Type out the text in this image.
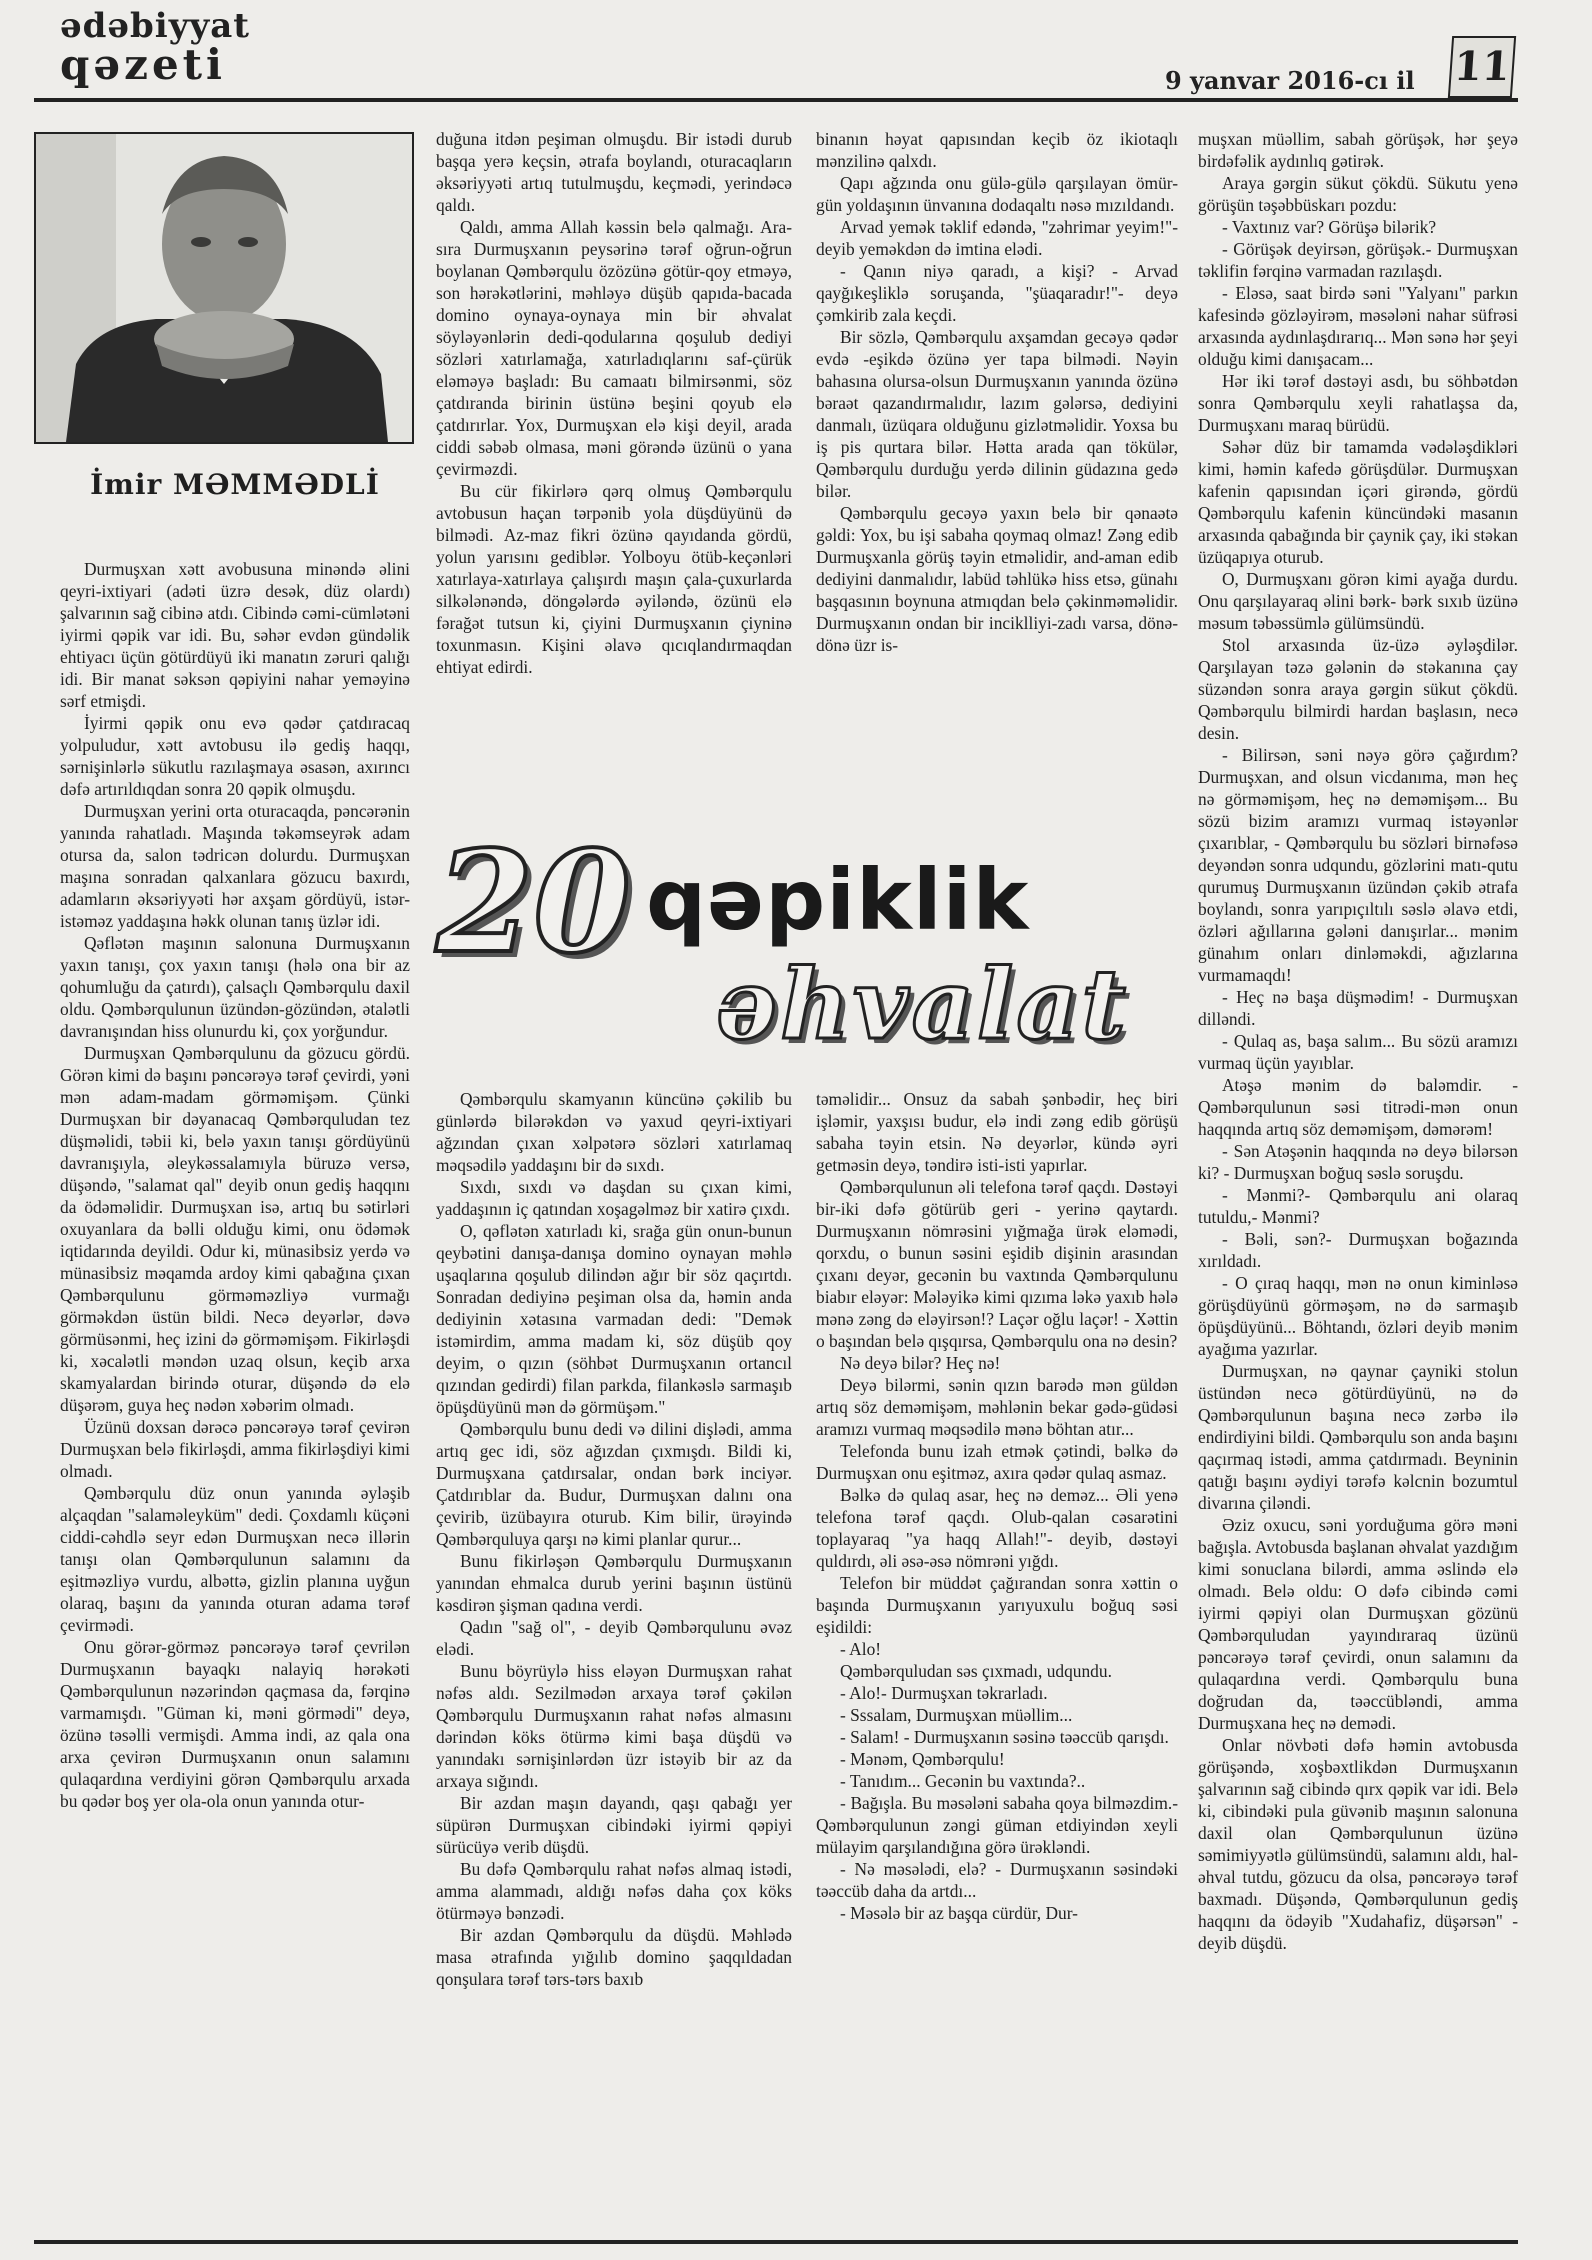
ədəbiyyat
qəzeti	9 yanvar 2016-cı il 11
İmir MƏMMƏDLİ

Durmuşxan xətt avobusuna minəndə əlini qeyri-ixtiyari (adəti üzrə desək, düz olardı) şalvarının sağ cibinə atdı. Cibində cəmi-cümlətəni iyirmi qəpik var idi. Bu, səhər evdən gündəlik ehtiyacı üçün götürdüyü iki manatın zəruri qalığı idi. Bir manat səksən qəpiyini nahar yeməyinə sərf etmişdi.

İyirmi qəpik onu evə qədər çatdıracaq yolpuludur, xətt avtobusu ilə gediş haqqı, sərnişinlərlə sükutlu razılaşmaya əsasən, axırıncı dəfə artırıldıqdan sonra 20 qəpik olmuşdu.

Durmuşxan yerini orta oturacaqda, pəncərənin yanında rahatladı. Maşında təkəmseyrək adam otursa da, salon tədricən dolurdu. Durmuşxan maşına sonradan qalxanlara gözucu baxırdı, adamların əksəriyyəti hər axşam gördüyü, istər-istəməz yaddaşına həkk olunan tanış üzlər idi.

Qəflətən maşının salonuna Durmuşxanın yaxın tanışı, çox yaxın tanışı (hələ ona bir az qohumluğu da çatırdı), çalsaçlı Qəmbərqulu daxil oldu. Qəmbərqulunun üzündən-gözündən, ətalətli davranışından hiss olunurdu ki, çox yorğundur.

Durmuşxan Qəmbərqulunu da gözucu gördü. Görən kimi də başını pəncərəyə tərəf çevirdi, yəni mən adam-madam görməmişəm. Çünki Durmuşxan bir dəyanacaq Qəmbərquludan tez düşməlidi, təbii ki, belə yaxın tanışı gördüyünü davranışıyla, əleykəssalamıyla büruzə versə, düşəndə, "salamat qal" deyib onun gediş haqqını da ödəməlidir. Durmuşxan isə, artıq bu sətirləri oxuyanlara da bəlli olduğu kimi, onu ödəmək iqtidarında deyildi. Odur ki, münasibsiz yerdə və münasibsiz məqamda ardoy kimi qabağına çıxan Qəmbərqulunu görməməzliyə vurmağı görməkdən üstün bildi. Necə deyərlər, dəvə görmüsənmi, heç izini də görməmişəm. Fikirləşdi ki, xəcalətli məndən uzaq olsun, keçib arxa skamyalardan birində oturar, düşəndə də elə düşərəm, guya heç nədən xəbərim olmadı.

Üzünü doxsan dərəcə pəncərəyə tərəf çevirən Durmuşxan belə fikirləşdi, amma fikirləşdiyi kimi olmadı.

Qəmbərqulu düz onun yanında əyləşib alçaqdan "salaməleyküm" dedi. Çoxdamlı küçəni ciddi-cəhdlə seyr edən Durmuşxan necə illərin tanışı olan Qəmbərqulunun salamını da eşitməzliyə vurdu, albəttə, gizlin planına uyğun olaraq, başını da yanında oturan adama tərəf çevirmədi.

Onu görər-görməz pəncərəyə tərəf çevrilən Durmuşxanın bayaqkı nalayiq hərəkəti Qəmbərqulunun nəzərindən qaçmasa da, fərqinə varmamışdı. "Güman ki, məni görmədi" deyə, özünə təsəlli vermişdi. Amma indi, az qala ona arxa çevirən Durmuşxanın onun salamını qulaqardına verdiyini görən Qəmbərqulu arxada bu qədər boş yer ola-ola onun yanında otur-

duğuna itdən peşiman olmuşdu. Bir istədi durub başqa yerə keçsin, ətrafa boylandı, oturacaqların əksəriyyəti artıq tutulmuşdu, keçmədi, yerindəcə qaldı.

Qaldı, amma Allah kəssin belə qalmağı. Ara-sıra Durmuşxanın peysərinə tərəf oğrun-oğrun boylanan Qəmbərqulu özözünə götür-qoy etməyə, son hərəkətlərini, məhləyə düşüb qapıda-bacada domino oynaya-oynaya min bir əhvalat söyləyənlərin dedi-qodularına qoşulub dediyi sözləri xatırlamağa, xatırladıqlarını saf-çürük eləməyə başladı: Bu camaatı bilmirsənmi, söz çatdıranda birinin üstünə beşini qoyub elə çatdırırlar. Yox, Durmuşxan elə kişi deyil, arada ciddi səbəb olmasa, məni görəndə üzünü o yana çevirməzdi.

Bu cür fikirlərə qərq olmuş Qəmbərqulu avtobusun haçan tərpənib yola düşdüyünü də bilmədi. Az-maz fikri özünə qayıdanda gördü, yolun yarısını gediblər. Yolboyu ötüb-keçənləri xatırlaya-xatırlaya çalışırdı maşın çala-çuxurlarda silkələnəndə, döngələrdə əyiləndə, özünü elə fərağət tutsun ki, çiyini Durmuşxanın çiyninə toxunmasın. Kişini əlavə qıcıqlandırmaqdan ehtiyat edirdi.

binanın həyat qapısından keçib öz ikiotaqlı mənzilinə qalxdı.

Qapı ağzında onu gülə-gülə qarşılayan ömür-gün yoldaşının ünvanına dodaqaltı nəsə mızıldandı.

Arvad yemək təklif edəndə, "zəhrimar yeyim!"- deyib yeməkdən də imtina elədi.

- Qanın niyə qaradı, a kişi? - Arvad qayğıkeşliklə soruşanda, "şüaqaradır!"- deyə çəmkirib zala keçdi.

Bir sözlə, Qəmbərqulu axşamdan gecəyə qədər evdə -eşikdə özünə yer tapa bilmədi. Nəyin bahasına olursa-olsun Durmuşxanın yanında özünə bəraət qazandırmalıdır, lazım gələrsə, dediyini danmalı, üzüqara olduğunu gizlətməlidir. Yoxsa bu iş pis qurtara bilər. Hətta arada qan tökülər, Qəmbərqulu durduğu yerdə dilinin güdazına gedə bilər.

Qəmbərqulu gecəyə yaxın belə bir qənaətə gəldi: Yox, bu işi sabaha qoymaq olmaz! Zəng edib Durmuşxanla görüş təyin etməlidir, and-aman edib dediyini danmalıdır, labüd təhlükə hiss etsə, günahı başqasının boynuna atmıqdan belə çəkinməməlidir. Durmuşxanın ondan bir inciklliyi-zadı varsa, dönə-dönə üzr is-

20 qəpiklik
əhvalat

Qəmbərqulu skamyanın küncünə çəkilib bu günlərdə bilərəkdən və yaxud qeyri-ixtiyari ağzından çıxan xəlpətərə sözləri xatırlamaq məqsədilə yaddaşını bir də sıxdı.

Sıxdı, sıxdı və daşdan su çıxan kimi, yaddaşının iç qatından xoşagəlməz bir xatirə çıxdı.

O, qəflətən xatırladı ki, srağa gün onun-bunun qeybətini danışa-danışa domino oynayan məhlə uşaqlarına qoşulub dilindən ağır bir söz qaçırtdı. Sonradan dediyinə peşiman olsa da, həmin anda dediyinin xətasına varmadan dedi: "Demək istəmirdim, amma madam ki, söz düşüb qoy deyim, o qızın (söhbət Durmuşxanın ortancıl qızından gedirdi) filan parkda, filankəslə sarmaşıb öpüşdüyünü mən də görmüşəm."

Qəmbərqulu bunu dedi və dilini dişlədi, amma artıq gec idi, söz ağızdan çıxmışdı. Bildi ki, Durmuşxana çatdırsalar, ondan bərk inciyər. Çatdırıblar da. Budur, Durmuşxan dalını ona çevirib, üzübayıra oturub. Kim bilir, ürəyində Qəmbərquluya qarşı nə kimi planlar qurur...

Bunu fikirləşən Qəmbərqulu Durmuşxanın yanından ehmalca durub yerini başının üstünü kəsdirən şişman qadına verdi.

Qadın "sağ ol", - deyib Qəmbərqulunu əvəz elədi.

Bunu böyrüylə hiss eləyən Durmuşxan rahat nəfəs aldı. Sezilmədən arxaya tərəf çəkilən Qəmbərqulu Durmuşxanın rahat nəfəs almasını dərindən köks ötürmə kimi başa düşdü və yanındakı sərnişinlərdən üzr istəyib bir az da arxaya sığındı.

Bir azdan maşın dayandı, qaşı qabağı yer süpürən Durmuşxan cibindəki iyirmi qəpiyi sürücüyə verib düşdü.

Bu dəfə Qəmbərqulu rahat nəfəs almaq istədi, amma alammadı, aldığı nəfəs daha çox köks ötürməyə bənzədi.

Bir azdan Qəmbərqulu da düşdü. Məhlədə masa ətrafında yığılıb domino şaqqıldadan qonşulara tərəf tərs-tərs baxıb

təməlidir... Onsuz da sabah şənbədir, heç biri işləmir, yaxşısı budur, elə indi zəng edib görüşü sabaha təyin etsin. Nə deyərlər, kündə əyri getməsin deyə, təndirə isti-isti yapırlar.

Qəmbərqulunun əli telefona tərəf qaçdı. Dəstəyi bir-iki dəfə götürüb geri - yerinə qaytardı. Durmuşxanın nömrəsini yığmağa ürək eləmədi, qorxdu, o bunun səsini eşidib dişinin arasından çıxanı deyər, gecənin bu vaxtında Qəmbərqulunu biabır eləyər: Mələyikə kimi qızıma ləkə yaxıb hələ mənə zəng də eləyirsən!? Laçər oğlu laçər! - Xəttin o başından belə qışqırsa, Qəmbərqulu ona nə desin?

Nə deyə bilər? Heç nə!

Deyə bilərmi, sənin qızın barədə mən güldən artıq söz deməmişəm, məhlənin bekar gədə-güdəsi aramızı vurmaq məqsədilə mənə böhtan atır...

Telefonda bunu izah etmək çətindi, bəlkə də Durmuşxan onu eşitməz, axıra qədər qulaq asmaz.

Bəlkə də qulaq asar, heç nə deməz... Əli yenə telefona tərəf qaçdı. Olub-qalan cəsarətini toplayaraq "ya haqq Allah!"- deyib, dəstəyi quldırdı, əli əsə-əsə nömrəni yığdı.

Telefon bir müddət çağırandan sonra xəttin o başında Durmuşxanın yarıyuxulu boğuq səsi eşidildi:

- Alo!

Qəmbərquludan səs çıxmadı, udqundu.

- Alo!- Durmuşxan təkrarladı.

- Sssalam, Durmuşxan müəllim...

- Salam! - Durmuşxanın səsinə təəccüb qarışdı.

- Mənəm, Qəmbərqulu!

- Tanıdım... Gecənin bu vaxtında?..

- Bağışla. Bu məsələni sabaha qoya bilməzdim.- Qəmbərqulunun zəngi güman etdiyindən xeyli mülayim qarşılandığına görə ürəkləndi.

- Nə məsələdi, elə? - Durmuşxanın səsindəki təəccüb daha da artdı...

- Məsələ bir az başqa cürdür, Dur-

muşxan müəllim, sabah görüşək, hər şeyə birdəfəlik aydınlıq gətirək.

Araya gərgin sükut çökdü. Sükutu yenə görüşün təşəbbüskarı pozdu:

- Vaxtınız var? Görüşə bilərik?

- Görüşək deyirsən, görüşək.- Durmuşxan təklifin fərqinə varmadan razılaşdı.

- Eləsə, saat birdə səni "Yalyanı" parkın kafesində gözləyirəm, məsələni nahar süfrəsi arxasında aydınlaşdırarıq... Mən sənə hər şeyi olduğu kimi danışacam...

Hər iki tərəf dəstəyi asdı, bu söhbətdən sonra Qəmbərqulu xeyli rahatlaşsa da, Durmuşxanı maraq bürüdü.

Səhər düz bir tamamda vədələşdikləri kimi, həmin kafedə görüşdülər. Durmuşxan kafenin qapısından içəri girəndə, gördü Qəmbərqulu kafenin küncündəki masanın arxasında qabağında bir çaynik çay, iki stəkan üzüqapıya oturub.

O, Durmuşxanı görən kimi ayağa durdu. Onu qarşılayaraq əlini bərk- bərk sıxıb üzünə məsum təbəssümlə gülümsündü.

Stol arxasında üz-üzə əyləşdilər. Qarşılayan təzə gələnin də stəkanına çay süzəndən sonra araya gərgin sükut çökdü. Qəmbərqulu bilmirdi hardan başlasın, necə desin.

- Bilirsən, səni nəyə görə çağırdım? Durmuşxan, and olsun vicdanıma, mən heç nə görməmişəm, heç nə deməmişəm... Bu sözü bizim aramızı vurmaq istəyənlər çıxarıblar, - Qəmbərqulu bu sözləri birnəfəsə deyəndən sonra udqundu, gözlərini matı-qutu qurumuş Durmuşxanın üzündən çəkib ətrafa boylandı, sonra yarıpıçıltılı səslə əlavə etdi, özləri ağıllarına gələni danışırlar... mənim günahım onları dinləməkdi, ağızlarına vurmamaqdı!

- Heç nə başa düşmədim! - Durmuşxan dilləndi.

- Qulaq as, başa salım... Bu sözü aramızı vurmaq üçün yayıblar.

Atəşə mənim də baləmdir. - Qəmbərqulunun səsi titrədi-mən onun haqqında artıq söz deməmişəm, dəmərəm!

- Sən Atəşənin haqqında nə deyə bilərsən ki? - Durmuşxan boğuq səslə soruşdu.

- Mənmi?- Qəmbərqulu ani olaraq tutuldu,- Mənmi?

- Bəli, sən?- Durmuşxan boğazında xırıldadı.

- O çıraq haqqı, mən nə onun kiminləsə görüşdüyünü görməşəm, nə də sarmaşıb öpüşdüyünü... Böhtandı, özləri deyib mənim ayağıma yazırlar.

Durmuşxan, nə qaynar çayniki stolun üstündən necə götürdüyünü, nə də Qəmbərqulunun başına necə zərbə ilə endirdiyini bildi. Qəmbərqulu son anda başını qaçırmaq istədi, amma çatdırmadı. Beyninin qatığı başını əydiyi tərəfə kəlcnin bozumtul divarına çiləndi.

Əziz oxucu, səni yorduğuma görə məni bağışla. Avtobusda başlanan əhvalat yazdığım kimi sonuclana bilərdi, amma əslində elə olmadı. Belə oldu: O dəfə cibində cəmi iyirmi qəpiyi olan Durmuşxan gözünü Qəmbərquludan yayındıraraq üzünü pəncərəyə tərəf çevirdi, onun salamını da qulaqardına verdi. Qəmbərqulu buna doğrudan da, təəccübləndi, amma Durmuşxana heç nə demədi.

Onlar növbəti dəfə həmin avtobusda görüşəndə, xoşbəxtlikdən Durmuşxanın şalvarının sağ cibində qırx qəpik var idi. Belə ki, cibindəki pula güvənib maşının salonuna daxil olan Qəmbərqulunun üzünə səmimiyyətlə gülümsündü, salamını aldı, hal-əhval tutdu, gözucu da olsa, pəncərəyə tərəf baxmadı. Düşəndə, Qəmbərqulunun gediş haqqını da ödəyib "Xudahafiz, düşərsən" - deyib düşdü.
